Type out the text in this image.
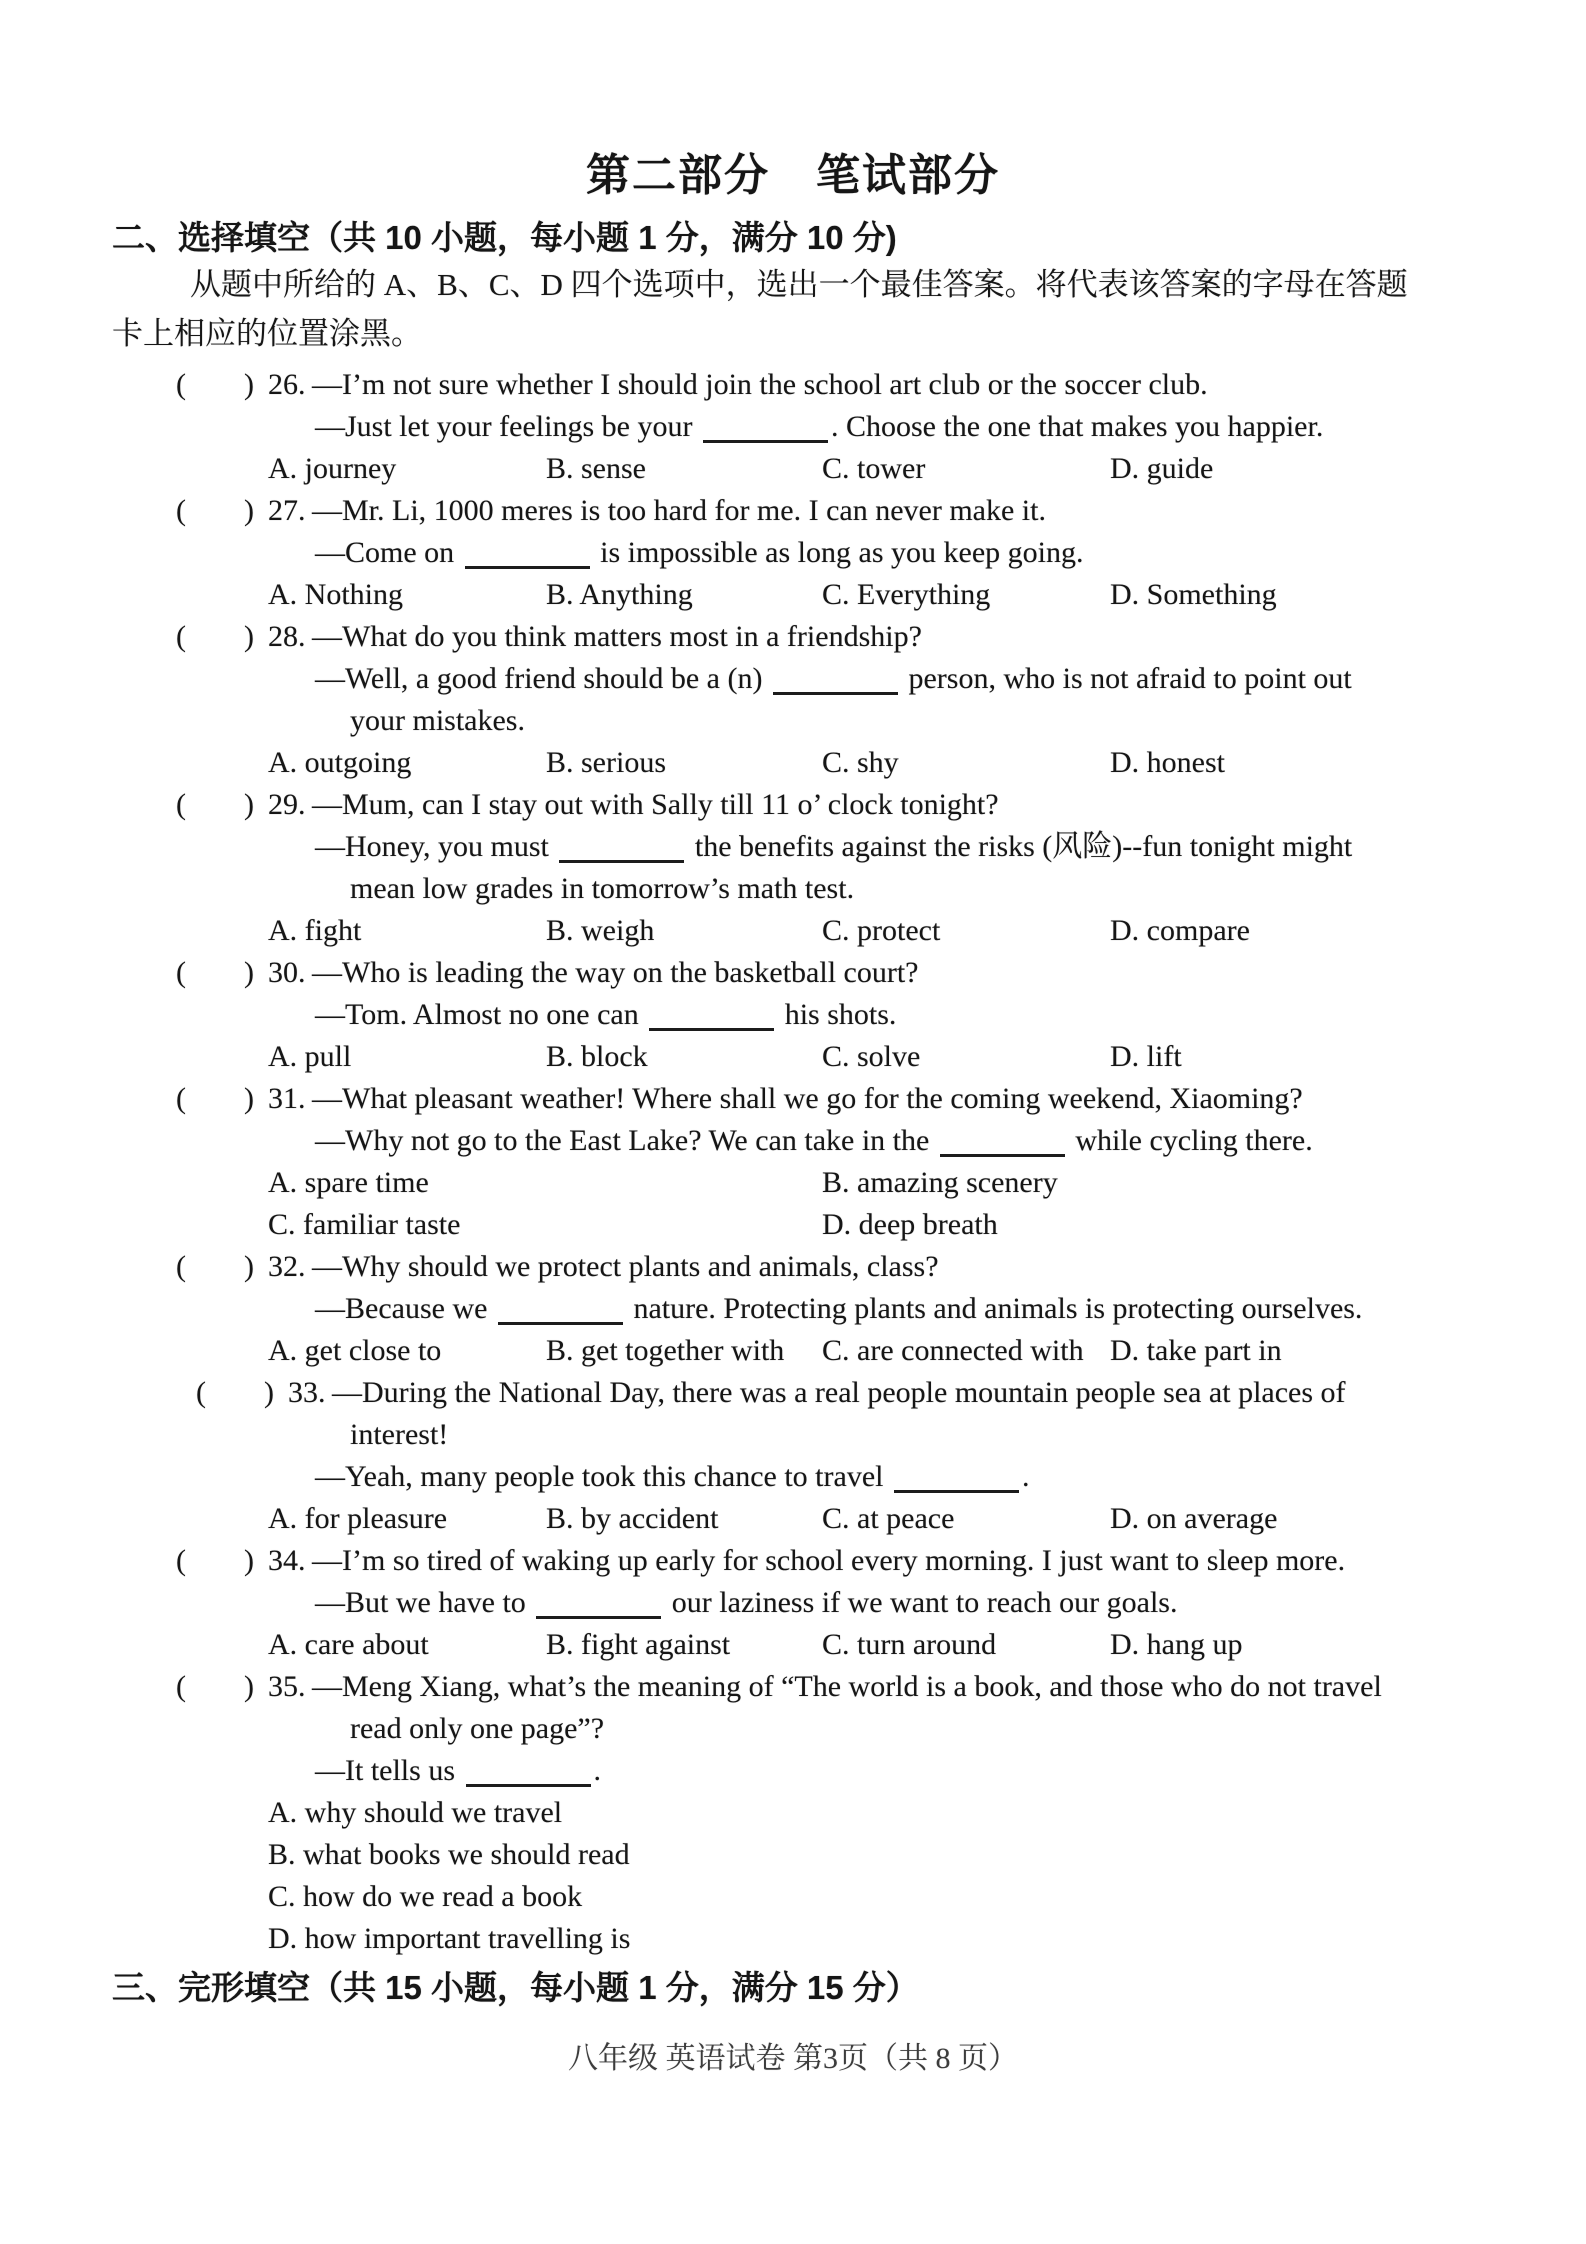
第二部分　笔试部分
二、选择填空（共 10 小题，每小题 1 分，满分 10 分)
从题中所给的 A、B、C、D 四个选项中，选出一个最佳答案。将代表该答案的字母在答题
卡上相应的位置涂黑。
( ) 26. —I’m not sure whether I should join the school art club or the soccer club.
—Just let your feelings be your	. Choose the one that makes you happier.
A. journey	B. sense	C. tower	D. guide
( ) 27. —Mr. Li, 1000 meres is too hard for me. I can never make it.
—Come on	is impossible as long as you keep going.
A. Nothing	B. Anything	C. Everything	D. Something
( ) 28. —What do you think matters most in a friendship?
—Well, a good friend should be a (n)	person, who is not afraid to point out
your mistakes.
A. outgoing	B. serious	C. shy	D. honest
( ) 29. —Mum, can I stay out with Sally till 11 o’ clock tonight?
—Honey, you must	the benefits against the risks (风险)--fun tonight might
mean low grades in tomorrow’s math test.
A. fight	B. weigh	C. protect	D. compare
( ) 30. —Who is leading the way on the basketball court?
—Tom. Almost no one can	his shots.
A. pull	B. block	C. solve	D. lift
( ) 31. —What pleasant weather! Where shall we go for the coming weekend, Xiaoming?
—Why not go to the East Lake? We can take in the	while cycling there.
A. spare time	B. amazing scenery
C. familiar taste	D. deep breath
( ) 32. —Why should we protect plants and animals, class?
—Because we	nature. Protecting plants and animals is protecting ourselves.
A. get close to	B. get together with	C. are connected with D. take part in
( ) 33. —During the National Day, there was a real people mountain people sea at places of
interest!
—Yeah, many people took this chance to travel	.
A. for pleasure	B. by accident	C. at peace	D. on average
( ) 34. —I’m so tired of waking up early for school every morning. I just want to sleep more.
—But we have to	our laziness if we want to reach our goals.
A. care about	B. fight against	C. turn around	D. hang up
( ) 35. —Meng Xiang, what’s the meaning of “The world is a book, and those who do not travel
read only one page”?
—It tells us	.
A. why should we travel
B. what books we should read
C. how do we read a book
D. how important travelling is
三、完形填空（共 15 小题，每小题 1 分，满分 15 分）
八年级 英语试卷 第3页（共 8 页）
